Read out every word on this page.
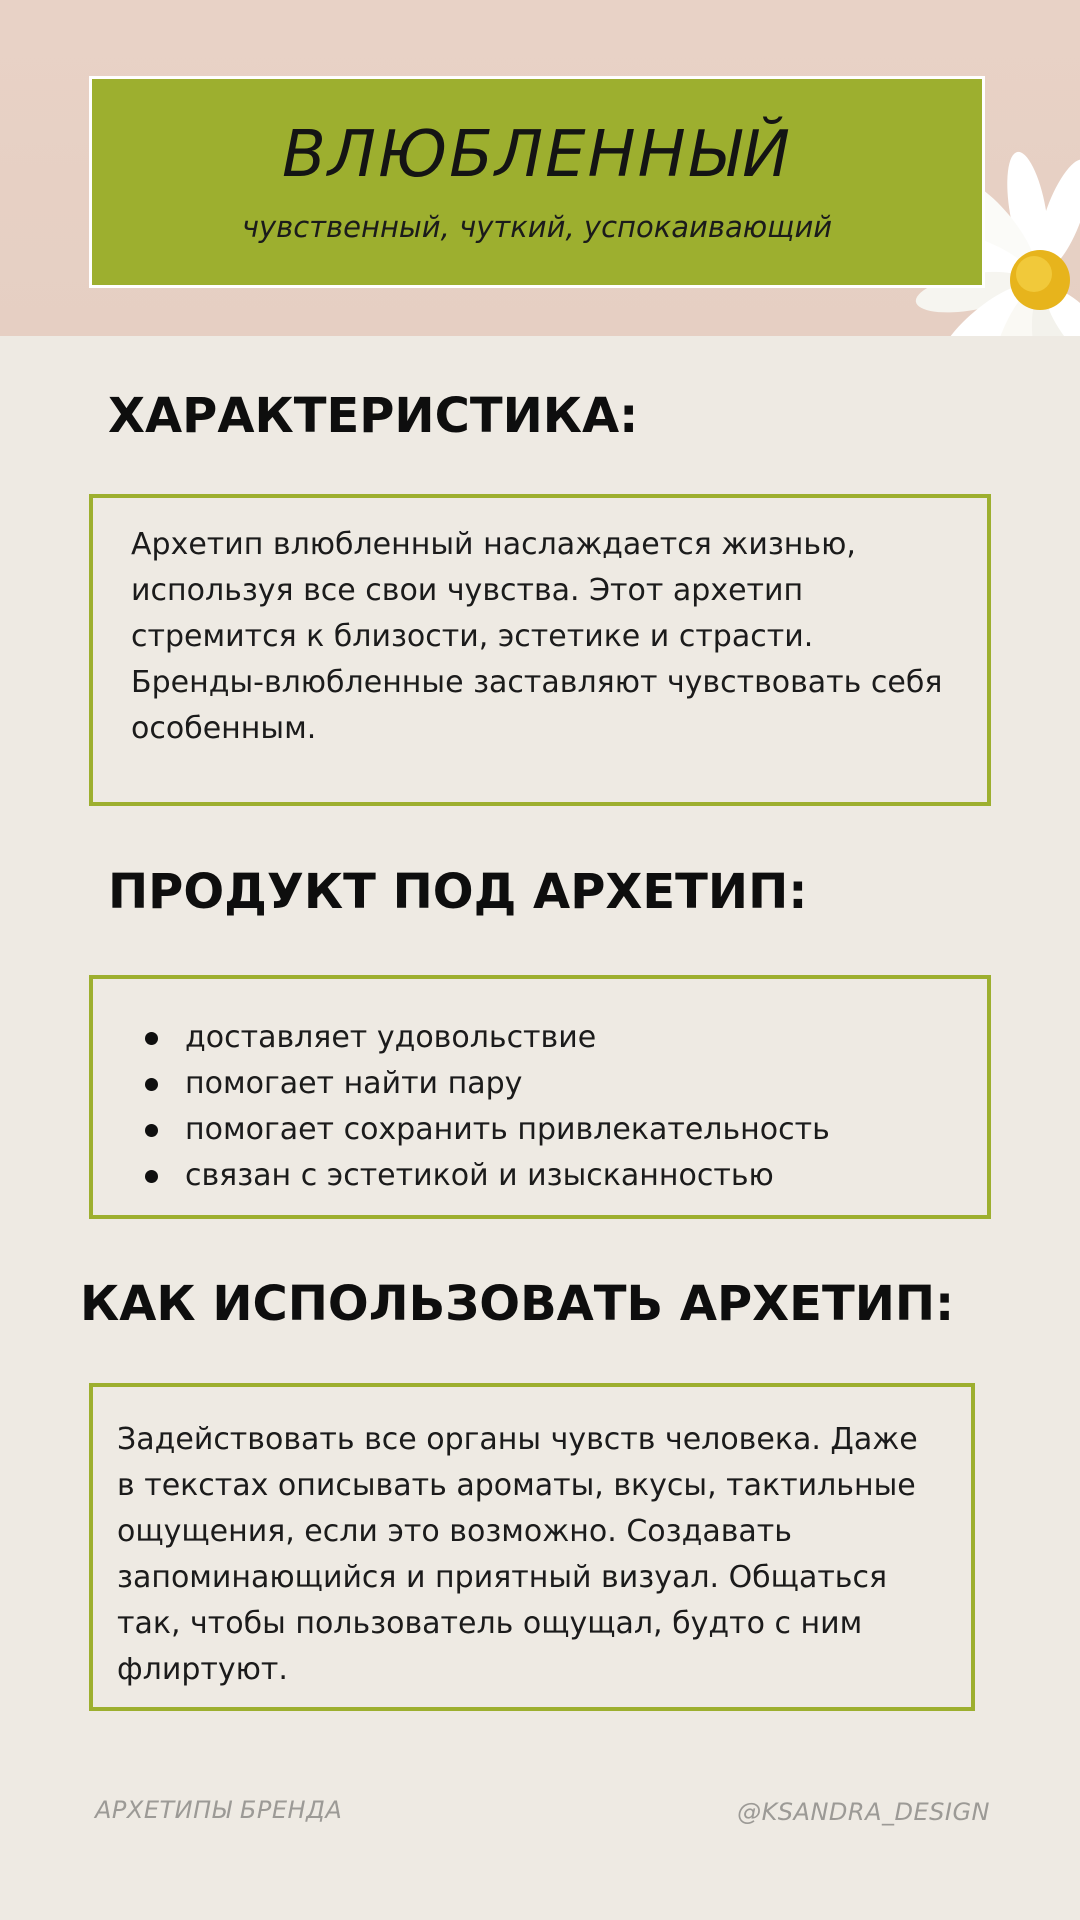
ВЛЮБЛЕННЫЙ
чувственный, чуткий, успокаивающий
ХАРАКТЕРИСТИКА:
Архетип влюбленный наслаждается жизнью, используя все свои чувства. Этот архетип стремится к близости, эстетике и страсти. Бренды-влюбленные заставляют чувствовать себя особенным.
ПРОДУКТ ПОД АРХЕТИП:
доставляет удовольствие
помогает найти пару
помогает сохранить привлекательность
связан с эстетикой и изысканностью
КАК ИСПОЛЬЗОВАТЬ АРХЕТИП:
Задействовать все органы чувств человека. Даже в текстах описывать ароматы, вкусы, тактильные ощущения, если это возможно. Создавать запоминающийся и приятный визуал. Общаться так, чтобы пользователь ощущал, будто с ним флиртуют.
АРХЕТИПЫ БРЕНДА	@KSANDRA_DESIGN
